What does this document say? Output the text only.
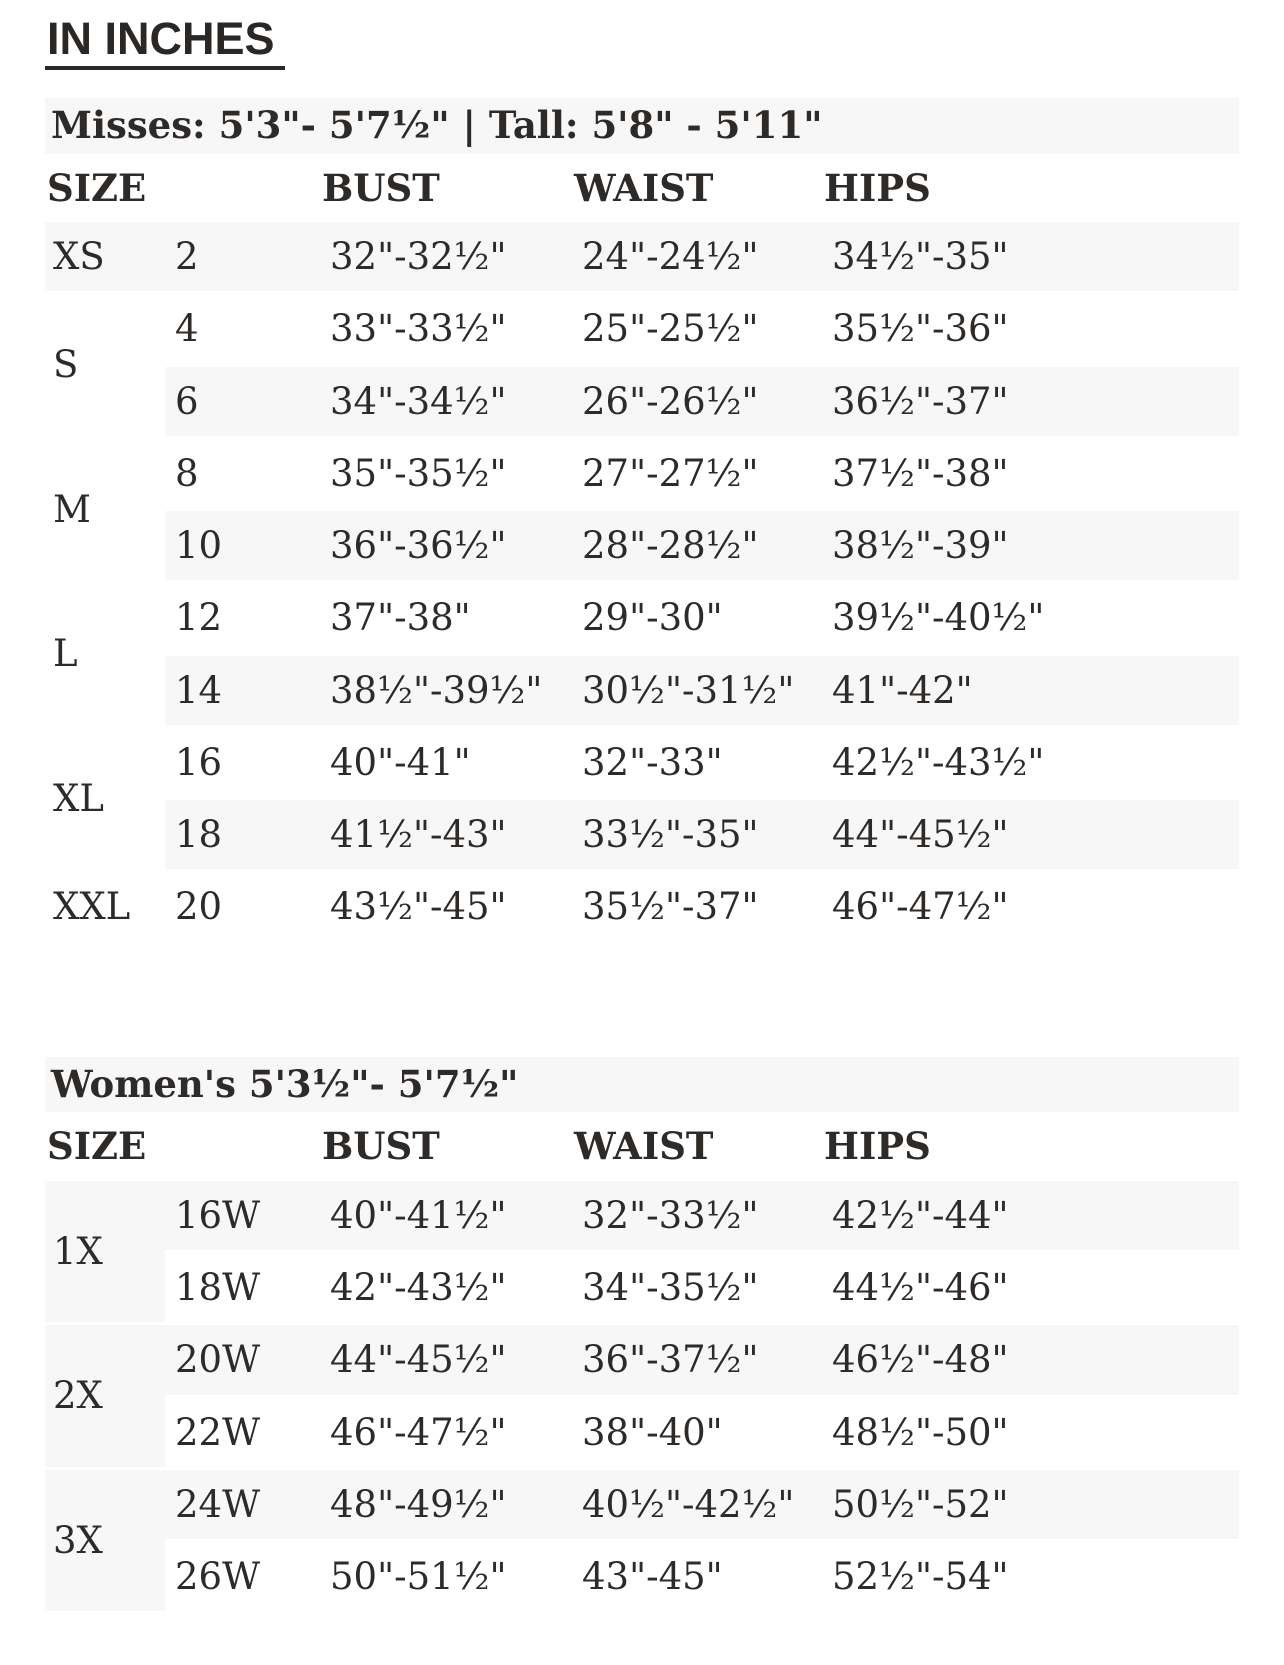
IN INCHES
Misses: 5'3"- 5'7½" | Tall: 5'8" - 5'11"
SIZE		BUST	WAIST	HIPS
XS	2	32"-32½"	24"-24½"	34½"-35"
S	4	33"-33½"	25"-25½"	35½"-36"
	6	34"-34½"	26"-26½"	36½"-37"
M	8	35"-35½"	27"-27½"	37½"-38"
	10	36"-36½"	28"-28½"	38½"-39"
L	12	37"-38"	29"-30"	39½"-40½"
	14	38½"-39½"	30½"-31½"	41"-42"
XL	16	40"-41"	32"-33"	42½"-43½"
	18	41½"-43"	33½"-35"	44"-45½"
XXL	20	43½"-45"	35½"-37"	46"-47½"
Women's 5'3½"- 5'7½"
SIZE		BUST	WAIST	HIPS
1X	16W	40"-41½"	32"-33½"	42½"-44"
	18W	42"-43½"	34"-35½"	44½"-46"
2X	20W	44"-45½"	36"-37½"	46½"-48"
	22W	46"-47½"	38"-40"	48½"-50"
3X	24W	48"-49½"	40½"-42½"	50½"-52"
	26W	50"-51½"	43"-45"	52½"-54"
